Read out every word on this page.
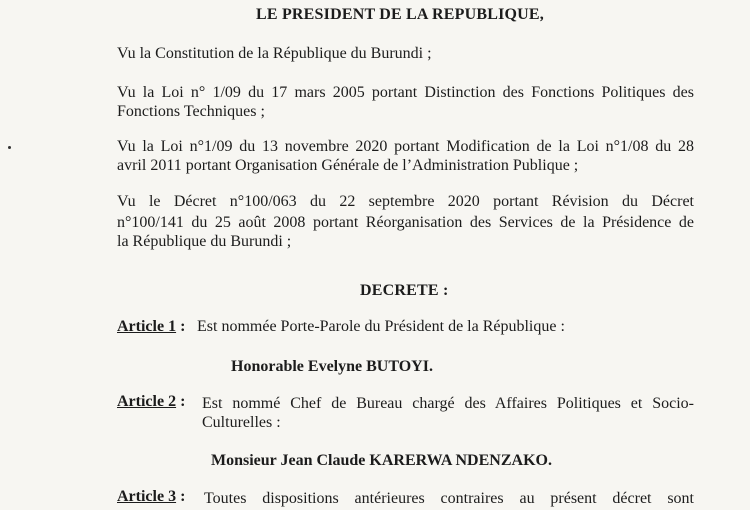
LE PRESIDENT DE LA REPUBLIQUE,
Vu la Constitution de la République du Burundi ;
Vu la Loi n° 1/09 du 17 mars 2005 portant Distinction des Fonctions Politiques des
Fonctions Techniques ;
Vu la Loi n°1/09 du 13 novembre 2020 portant Modification de la Loi n°1/08 du 28
avril 2011 portant Organisation Générale de l’Administration Publique ;
Vu le Décret n°100/063 du 22 septembre 2020 portant Révision du Décret
n°100/141 du 25 août 2008 portant Réorganisation des Services de la Présidence de
la République du Burundi ;
DECRETE :
Article 1 : Est nommée Porte-Parole du Président de la République :
Honorable Evelyne BUTOYI.
Article 2 : Est nommé Chef de Bureau chargé des Affaires Politiques et Socio-
Culturelles :
Monsieur Jean Claude KARERWA NDENZAKO.
Article 3 : Toutes dispositions antérieures contraires au présent décret sont
